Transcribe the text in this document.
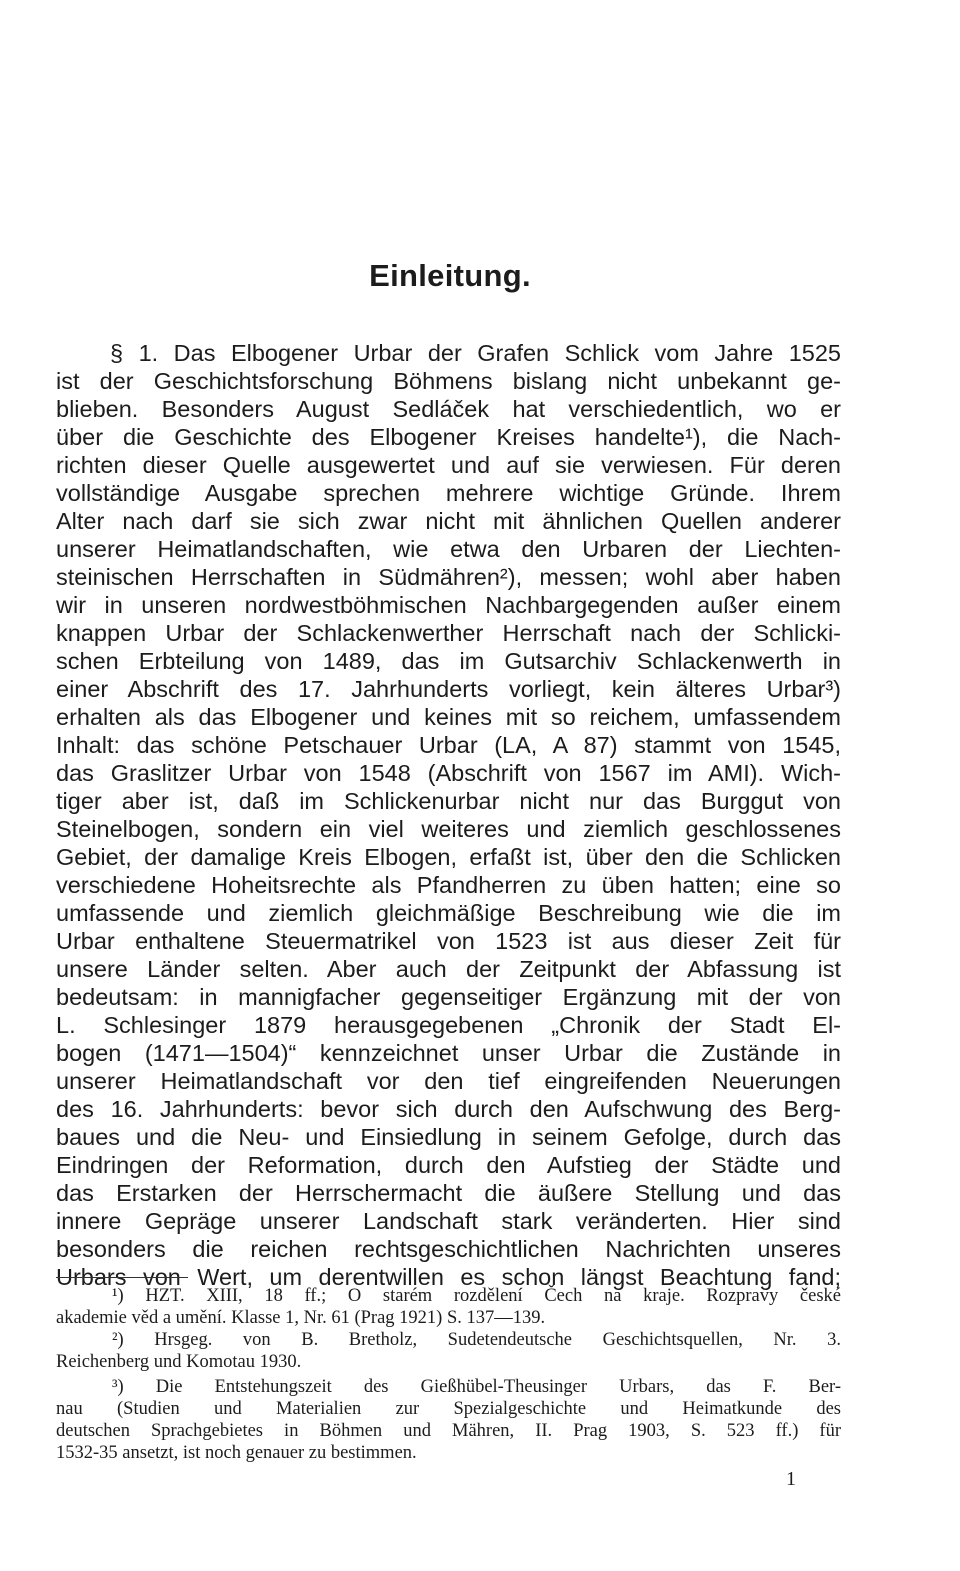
Einleitung.
§ 1. Das Elbogener Urbar der Grafen Schlick vom Jahre 1525
ist der Geschichtsforschung Böhmens bislang nicht unbekannt ge-
blieben. Besonders August Sedláček hat verschiedentlich, wo er
über die Geschichte des Elbogener Kreises handelte¹), die Nach-
richten dieser Quelle ausgewertet und auf sie verwiesen. Für deren
vollständige Ausgabe sprechen mehrere wichtige Gründe. Ihrem
Alter nach darf sie sich zwar nicht mit ähnlichen Quellen anderer
unserer Heimatlandschaften, wie etwa den Urbaren der Liechten-
steinischen Herrschaften in Südmähren²), messen; wohl aber haben
wir in unseren nordwestböhmischen Nachbargegenden außer einem
knappen Urbar der Schlackenwerther Herrschaft nach der Schlicki-
schen Erbteilung von 1489, das im Gutsarchiv Schlackenwerth in
einer Abschrift des 17. Jahrhunderts vorliegt, kein älteres Urbar³)
erhalten als das Elbogener und keines mit so reichem, umfassendem
Inhalt: das schöne Petschauer Urbar (LA, A 87) stammt von 1545,
das Graslitzer Urbar von 1548 (Abschrift von 1567 im AMI). Wich-
tiger aber ist, daß im Schlickenurbar nicht nur das Burggut von
Steinelbogen, sondern ein viel weiteres und ziemlich geschlossenes
Gebiet, der damalige Kreis Elbogen, erfaßt ist, über den die Schlicken
verschiedene Hoheitsrechte als Pfandherren zu üben hatten; eine so
umfassende und ziemlich gleichmäßige Beschreibung wie die im
Urbar enthaltene Steuermatrikel von 1523 ist aus dieser Zeit für
unsere Länder selten. Aber auch der Zeitpunkt der Abfassung ist
bedeutsam: in mannigfacher gegenseitiger Ergänzung mit der von
L. Schlesinger 1879 herausgegebenen „Chronik der Stadt El-
bogen (1471—1504)“ kennzeichnet unser Urbar die Zustände in
unserer Heimatlandschaft vor den tief eingreifenden Neuerungen
des 16. Jahrhunderts: bevor sich durch den Aufschwung des Berg-
baues und die Neu- und Einsiedlung in seinem Gefolge, durch das
Eindringen der Reformation, durch den Aufstieg der Städte und
das Erstarken der Herrschermacht die äußere Stellung und das
innere Gepräge unserer Landschaft stark veränderten. Hier sind
besonders die reichen rechtsgeschichtlichen Nachrichten unseres
Urbars von Wert, um derentwillen es schon längst Beachtung fand;
¹) HZT. XIII, 18 ff.; O starém rozdělení Čech na kraje. Rozpravy české
akademie věd a umění. Klasse 1, Nr. 61 (Prag 1921) S. 137—139.
²) Hrsgeg. von B. Bretholz, Sudetendeutsche Geschichtsquellen, Nr. 3.
Reichenberg und Komotau 1930.
³) Die Entstehungszeit des Gießhübel-Theusinger Urbars, das F. Ber-
nau (Studien und Materialien zur Spezialgeschichte und Heimatkunde des
deutschen Sprachgebietes in Böhmen und Mähren, II. Prag 1903, S. 523 ff.) für
1532-35 ansetzt, ist noch genauer zu bestimmen.
1
